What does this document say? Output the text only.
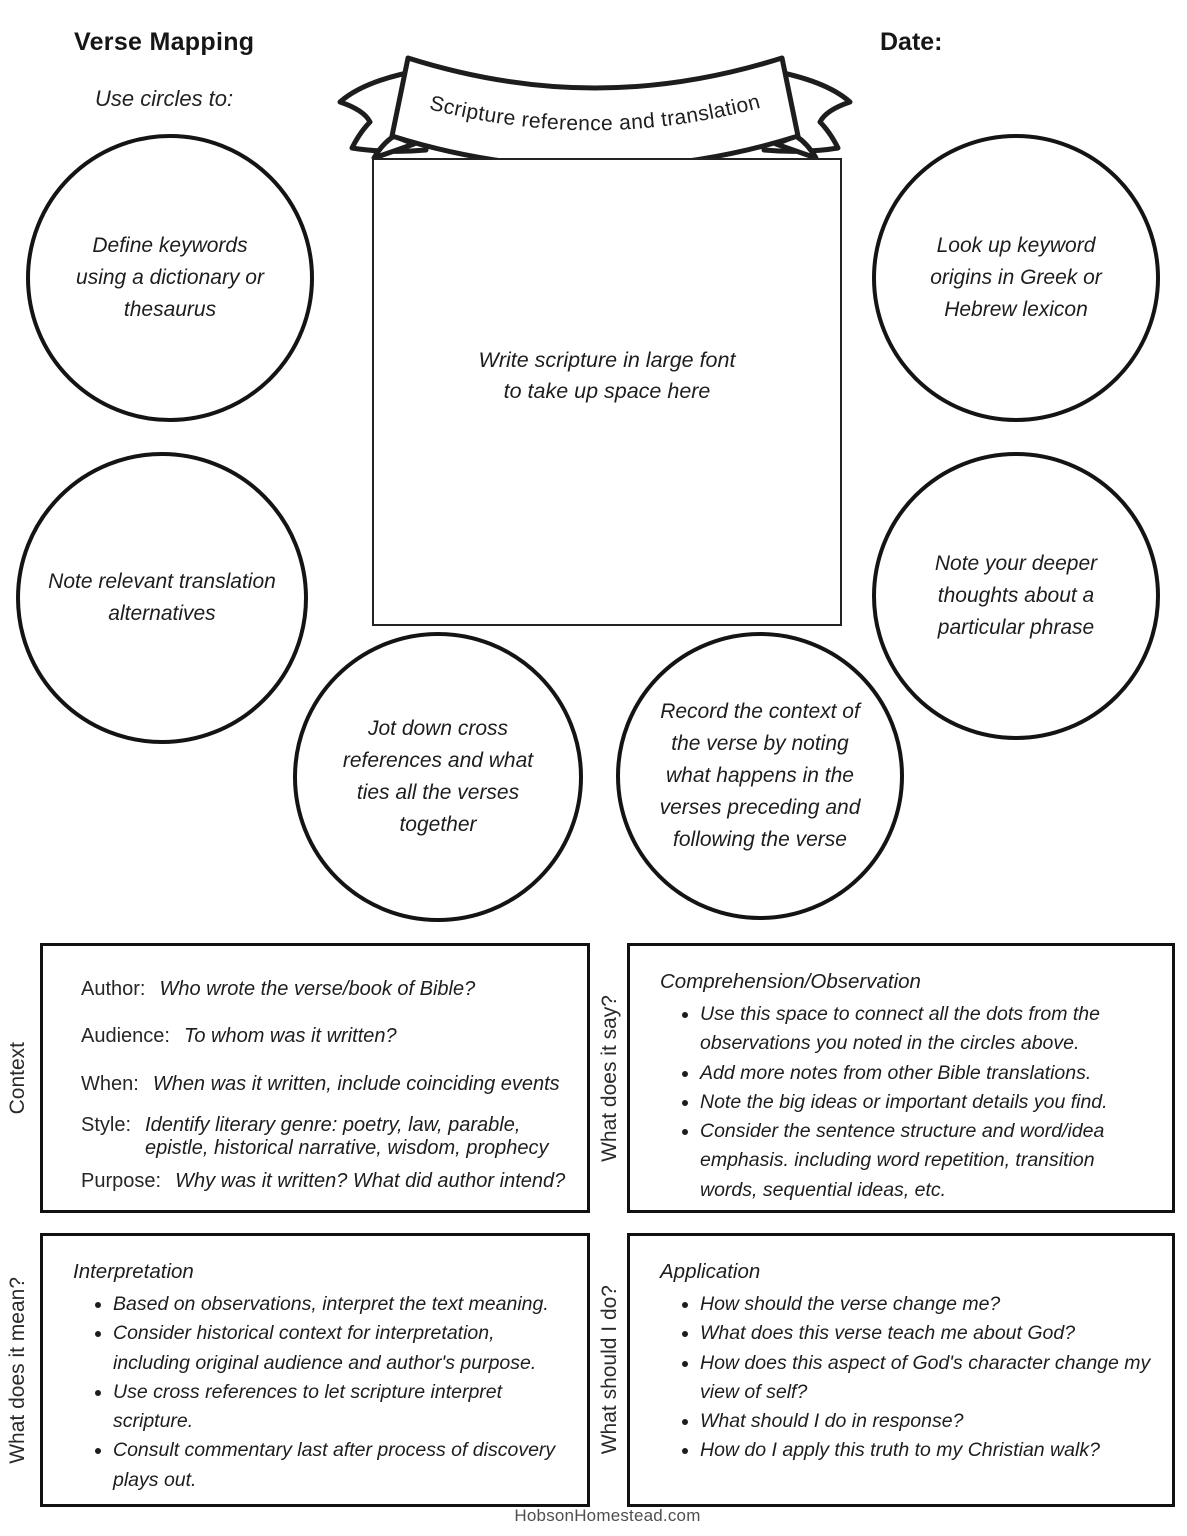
Verse Mapping	Date:
Use circles to:	Scripture reference and translation
Write scripture in large font
to take up space here
Define keywords using a dictionary or thesaurus
Note relevant translation alternatives
Look up keyword origins in Greek or Hebrew lexicon
Note your deeper thoughts about a particular phrase
Jot down cross references and what ties all the verses together
Record the context of the verse by noting what happens in the verses preceding and following the verse
Context
Author: Who wrote the verse/book of Bible?
Audience: To whom was it written?
When: When was it written, include coinciding events
Style: Identify literary genre: poetry, law, parable, epistle, historical narrative, wisdom, prophecy
Purpose: Why was it written? What did author intend?
What does it say?
Comprehension/Observation
• Use this space to connect all the dots from the observations you noted in the circles above.
• Add more notes from other Bible translations.
• Note the big ideas or important details you find.
• Consider the sentence structure and word/idea emphasis. including word repetition, transition words, sequential ideas, etc.
What does it mean?
Interpretation
• Based on observations, interpret the text meaning.
• Consider historical context for interpretation, including original audience and author's purpose.
• Use cross references to let scripture interpret scripture.
• Consult commentary last after process of discovery plays out.
What should I do?
Application
• How should the verse change me?
• What does this verse teach me about God?
• How does this aspect of God's character change my view of self?
• What should I do in response?
• How do I apply this truth to my Christian walk?
HobsonHomestead.com
